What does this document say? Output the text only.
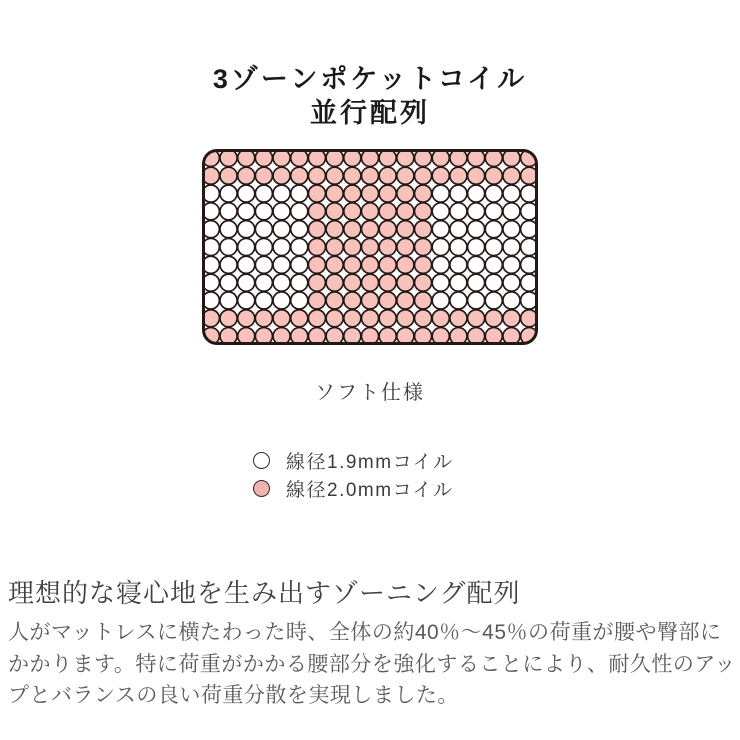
3ゾーンポケットコイル
並行配列
ソフト仕様
線径1.9mmコイル
線径2.0mmコイル
理想的な寝心地を生み出すゾーニング配列

人がマットレスに横たわった時、全体の約40％〜45％の荷重が腰や臀部にかかります。特に荷重がかかる腰部分を強化することにより、耐久性のアップとバランスの良い荷重分散を実現しました。
